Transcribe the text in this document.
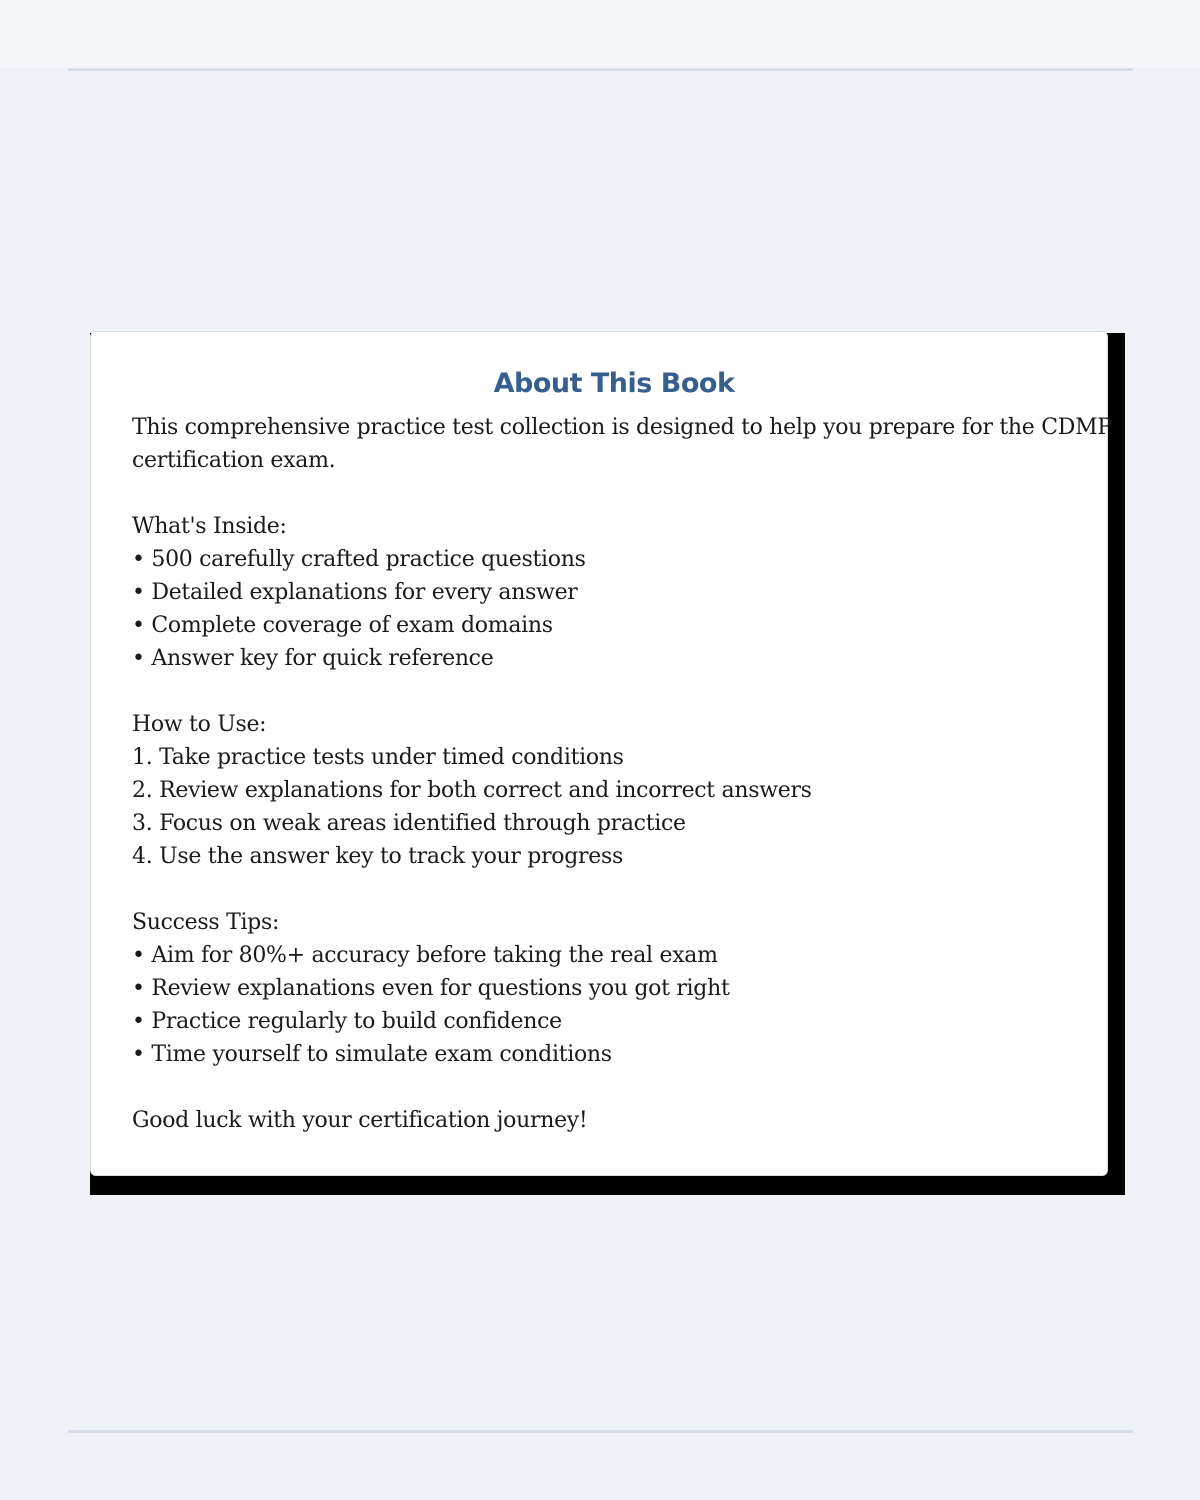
About This Book
This comprehensive practice test collection is designed to help you prepare for the CDMP
certification exam.
What's Inside:
• 500 carefully crafted practice questions
• Detailed explanations for every answer
• Complete coverage of exam domains
• Answer key for quick reference
How to Use:
1. Take practice tests under timed conditions
2. Review explanations for both correct and incorrect answers
3. Focus on weak areas identified through practice
4. Use the answer key to track your progress
Success Tips:
• Aim for 80%+ accuracy before taking the real exam
• Review explanations even for questions you got right
• Practice regularly to build confidence
• Time yourself to simulate exam conditions
Good luck with your certification journey!
